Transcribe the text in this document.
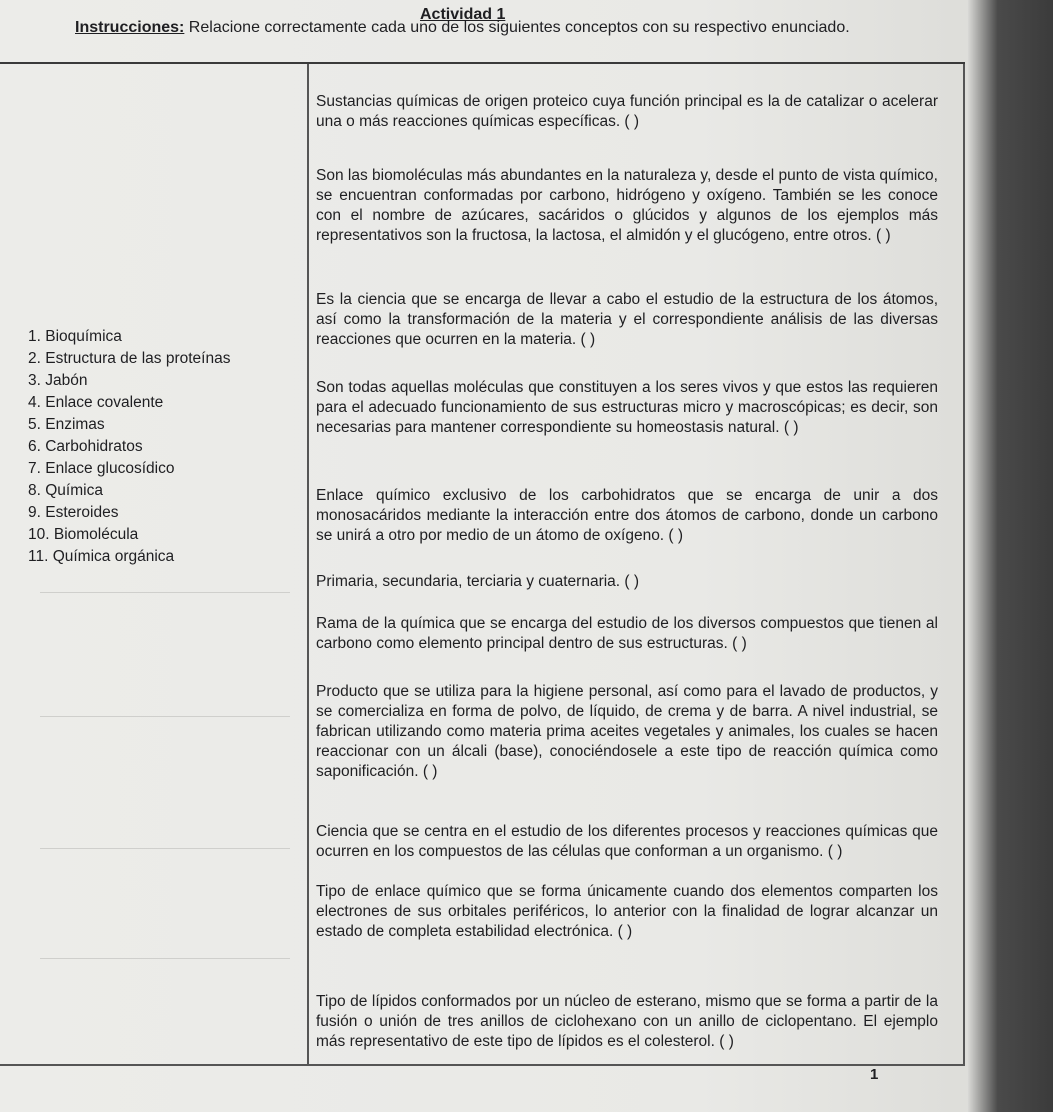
Actividad 1
Instrucciones: Relacione correctamente cada uno de los siguientes conceptos con su respectivo enunciado.
1. Bioquímica
2. Estructura de las proteínas
3. Jabón
4. Enlace covalente
5. Enzimas
6. Carbohidratos
7. Enlace glucosídico
8. Química
9. Esteroides
10. Biomolécula
11. Química orgánica
Sustancias químicas de origen proteico cuya función principal es la de catalizar o acelerar una o más reacciones químicas específicas. ( )
Son las biomoléculas más abundantes en la naturaleza y, desde el punto de vista químico, se encuentran conformadas por carbono, hidrógeno y oxígeno. También se les conoce con el nombre de azúcares, sacáridos o glúcidos y algunos de los ejemplos más representativos son la fructosa, la lactosa, el almidón y el glucógeno, entre otros. ( )
Es la ciencia que se encarga de llevar a cabo el estudio de la estructura de los átomos, así como la transformación de la materia y el correspondiente análisis de las diversas reacciones que ocurren en la materia. ( )
Son todas aquellas moléculas que constituyen a los seres vivos y que estos las requieren para el adecuado funcionamiento de sus estructuras micro y macroscópicas; es decir, son necesarias para mantener correspondiente su homeostasis natural. ( )
Enlace químico exclusivo de los carbohidratos que se encarga de unir a dos monosacáridos mediante la interacción entre dos átomos de carbono, donde un carbono se unirá a otro por medio de un átomo de oxígeno. ( )
Primaria, secundaria, terciaria y cuaternaria. ( )
Rama de la química que se encarga del estudio de los diversos compuestos que tienen al carbono como elemento principal dentro de sus estructuras. ( )
Producto que se utiliza para la higiene personal, así como para el lavado de productos, y se comercializa en forma de polvo, de líquido, de crema y de barra. A nivel industrial, se fabrican utilizando como materia prima aceites vegetales y animales, los cuales se hacen reaccionar con un álcali (base), conociéndosele a este tipo de reacción química como saponificación. ( )
Ciencia que se centra en el estudio de los diferentes procesos y reacciones químicas que ocurren en los compuestos de las células que conforman a un organismo. ( )
Tipo de enlace químico que se forma únicamente cuando dos elementos comparten los electrones de sus orbitales periféricos, lo anterior con la finalidad de lograr alcanzar un estado de completa estabilidad electrónica. ( )
Tipo de lípidos conformados por un núcleo de esterano, mismo que se forma a partir de la fusión o unión de tres anillos de ciclohexano con un anillo de ciclopentano. El ejemplo más representativo de este tipo de lípidos es el colesterol. ( )
1
